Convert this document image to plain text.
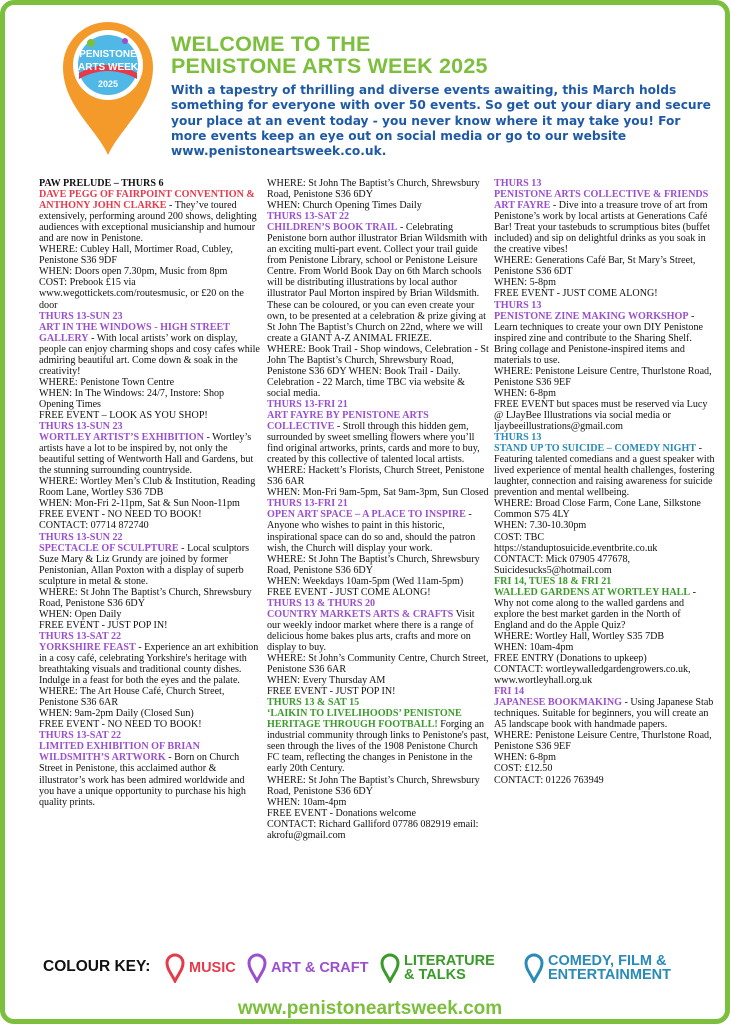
PENISTONE
ARTS WEEK
2025
WELCOME TO THE
PENISTONE ARTS WEEK 2025
With a tapestry of thrilling and diverse events awaiting, this March holds something for everyone with over 50 events. So get out your diary and secure your place at an event today - you never know where it may take you! For more events keep an eye out on social media or go to our website www.penistoneartsweek.co.uk.
PAW PRELUDE – THURS 6
DAVE PEGG OF FAIRPOINT CONVENTION & ANTHONY JOHN CLARKE - They’ve toured extensively, performing around 200 shows, delighting audiences with exceptional musicianship and humour and are now in Penistone.
WHERE: Cubley Hall, Mortimer Road, Cubley, Penistone S36 9DF
WHEN: Doors open 7.30pm, Music from 8pm
COST: Prebook £15 via www.wegottickets.com/routesmusic, or £20 on the door
THURS 13-SUN 23
ART IN THE WINDOWS - HIGH STREET GALLERY - With local artists’ work on display, people can enjoy charming shops and cosy cafes while admiring beautiful art. Come down & soak in the creativity!
WHERE: Penistone Town Centre
WHEN: In The Windows: 24/7, Instore: Shop Opening Times
FREE EVENT – LOOK AS YOU SHOP!
THURS 13-SUN 23
WORTLEY ARTIST’S EXHIBITION - Wortley’s artists have a lot to be inspired by, not only the beautiful setting of Wentworth Hall and Gardens, but the stunning surrounding countryside.
WHERE: Wortley Men’s Club & Institution, Reading Room Lane, Wortley S36 7DB
WHEN: Mon-Fri 2-11pm, Sat & Sun Noon-11pm
FREE EVENT - NO NEED TO BOOK!
CONTACT: 07714 872740
THURS 13-SUN 22
SPECTACLE OF SCULPTURE - Local sculptors Suze Mary & Liz Grundy are joined by former Penistonian, Allan Poxton with a display of superb sculpture in metal & stone.
WHERE: St John The Baptist’s Church, Shrewsbury Road, Penistone S36 6DY
WHEN: Open Daily
FREE EVENT - JUST POP IN!
THURS 13-SAT 22
YORKSHIRE FEAST - Experience an art exhibition in a cosy café, celebrating Yorkshire's heritage with breathtaking visuals and traditional county dishes. Indulge in a feast for both the eyes and the palate.
WHERE: The Art House Café, Church Street, Penistone S36 6AR
WHEN: 9am-2pm Daily (Closed Sun)
FREE EVENT - NO NEED TO BOOK!
THURS 13-SAT 22
LIMITED EXHIBITION OF BRIAN WILDSMITH’S ARTWORK - Born on Church Street in Penistone, this acclaimed author & illustrator’s work has been admired worldwide and you have a unique opportunity to purchase his high quality prints.
WHERE: St John The Baptist’s Church, Shrewsbury Road, Penistone S36 6DY
WHEN: Church Opening Times Daily
THURS 13-SAT 22
CHILDREN’S BOOK TRAIL - Celebrating Penistone born author illustrator Brian Wildsmith with an exciting multi-part event. Collect your trail guide from Penistone Library, school or Penistone Leisure Centre. From World Book Day on 6th March schools will be distributing illustrations by local author illustrator Paul Morton inspired by Brian Wildsmith. These can be coloured, or you can even create your own, to be presented at a celebration & prize giving at St John The Baptist’s Church on 22nd, where we will create a GIANT A-Z ANIMAL FRIEZE.
WHERE: Book Trail - Shop windows, Celebration - St John The Baptist’s Church, Shrewsbury Road, Penistone S36 6DY WHEN: Book Trail - Daily. Celebration - 22 March, time TBC via website & social media.
THURS 13-FRI 21
ART FAYRE BY PENISTONE ARTS COLLECTIVE - Stroll through this hidden gem, surrounded by sweet smelling flowers where you’ll find original artworks, prints, cards and more to buy, created by this collective of talented local artists.
WHERE: Hackett’s Florists, Church Street, Penistone S36 6AR
WHEN: Mon-Fri 9am-5pm, Sat 9am-3pm, Sun Closed
THURS 13-FRI 21
OPEN ART SPACE – A PLACE TO INSPIRE - Anyone who wishes to paint in this historic, inspirational space can do so and, should the patron wish, the Church will display your work.
WHERE: St John The Baptist’s Church, Shrewsbury Road, Penistone S36 6DY
WHEN: Weekdays 10am-5pm (Wed 11am-5pm)
FREE EVENT - JUST COME ALONG!
THURS 13 & THURS 20
COUNTRY MARKETS ARTS & CRAFTS Visit our weekly indoor market where there is a range of delicious home bakes plus arts, crafts and more on display to buy.
WHERE: St John’s Community Centre, Church Street, Penistone S36 6AR
WHEN: Every Thursday AM
FREE EVENT - JUST POP IN!
THURS 13 & SAT 15
‘LAIKIN TO LIVELIHOODS’ PENISTONE HERITAGE THROUGH FOOTBALL! Forging an industrial community through links to Penistone's past, seen through the lives of the 1908 Penistone Church FC team, reflecting the changes in Penistone in the early 20th Century.
WHERE: St John The Baptist’s Church, Shrewsbury Road, Penistone S36 6DY
WHEN: 10am-4pm
FREE EVENT - Donations welcome
CONTACT: Richard Galliford 07786 082919 email: akrofu@gmail.com
THURS 13
PENISTONE ARTS COLLECTIVE & FRIENDS ART FAYRE - Dive into a treasure trove of art from Penistone’s work by local artists at Generations Café Bar! Treat your tastebuds to scrumptious bites (buffet included) and sip on delightful drinks as you soak in the creative vibes!
WHERE: Generations Café Bar, St Mary’s Street, Penistone S36 6DT
WHEN: 5-8pm
FREE EVENT - JUST COME ALONG!
THURS 13
PENISTONE ZINE MAKING WORKSHOP - Learn techniques to create your own DIY Penistone inspired zine and contribute to the Sharing Shelf. Bring collage and Penistone-inspired items and materials to use.
WHERE: Penistone Leisure Centre, Thurlstone Road, Penistone S36 9EF
WHEN: 6-8pm
FREE EVENT but spaces must be reserved via Lucy @ LJayBee Illustrations via social media or ljaybeeillustrations@gmail.com
THURS 13
STAND UP TO SUICIDE – COMEDY NIGHT - Featuring talented comedians and a guest speaker with lived experience of mental health challenges, fostering laughter, connection and raising awareness for suicide prevention and mental wellbeing.
WHERE: Broad Close Farm, Cone Lane, Silkstone Common S75 4LY
WHEN: 7.30-10.30pm
COST: TBC
https://standuptosuicide.eventbrite.co.uk
CONTACT: Mick 07905 477678, Suicidesucks5@hotmail.com
FRI 14, TUES 18 & FRI 21
WALLED GARDENS AT WORTLEY HALL - Why not come along to the walled gardens and explore the best market garden in the North of England and do the Apple Quiz?
WHERE: Wortley Hall, Wortley S35 7DB
WHEN: 10am-4pm
FREE ENTRY (Donations to upkeep)
CONTACT: wortleywalledgardengrowers.co.uk, www.wortleyhall.org.uk
FRI 14
JAPANESE BOOKMAKING - Using Japanese Stab techniques. Suitable for beginners, you will create an A5 landscape book with handmade papers.
WHERE: Penistone Leisure Centre, Thurlstone Road, Penistone S36 9EF
WHEN: 6-8pm
COST: £12.50
CONTACT: 01226 763949
COLOUR KEY:	MUSIC ART & CRAFT LITERATURE
& TALKS
COMEDY, FILM &
ENTERTAINMENT
www.penistoneartsweek.com
